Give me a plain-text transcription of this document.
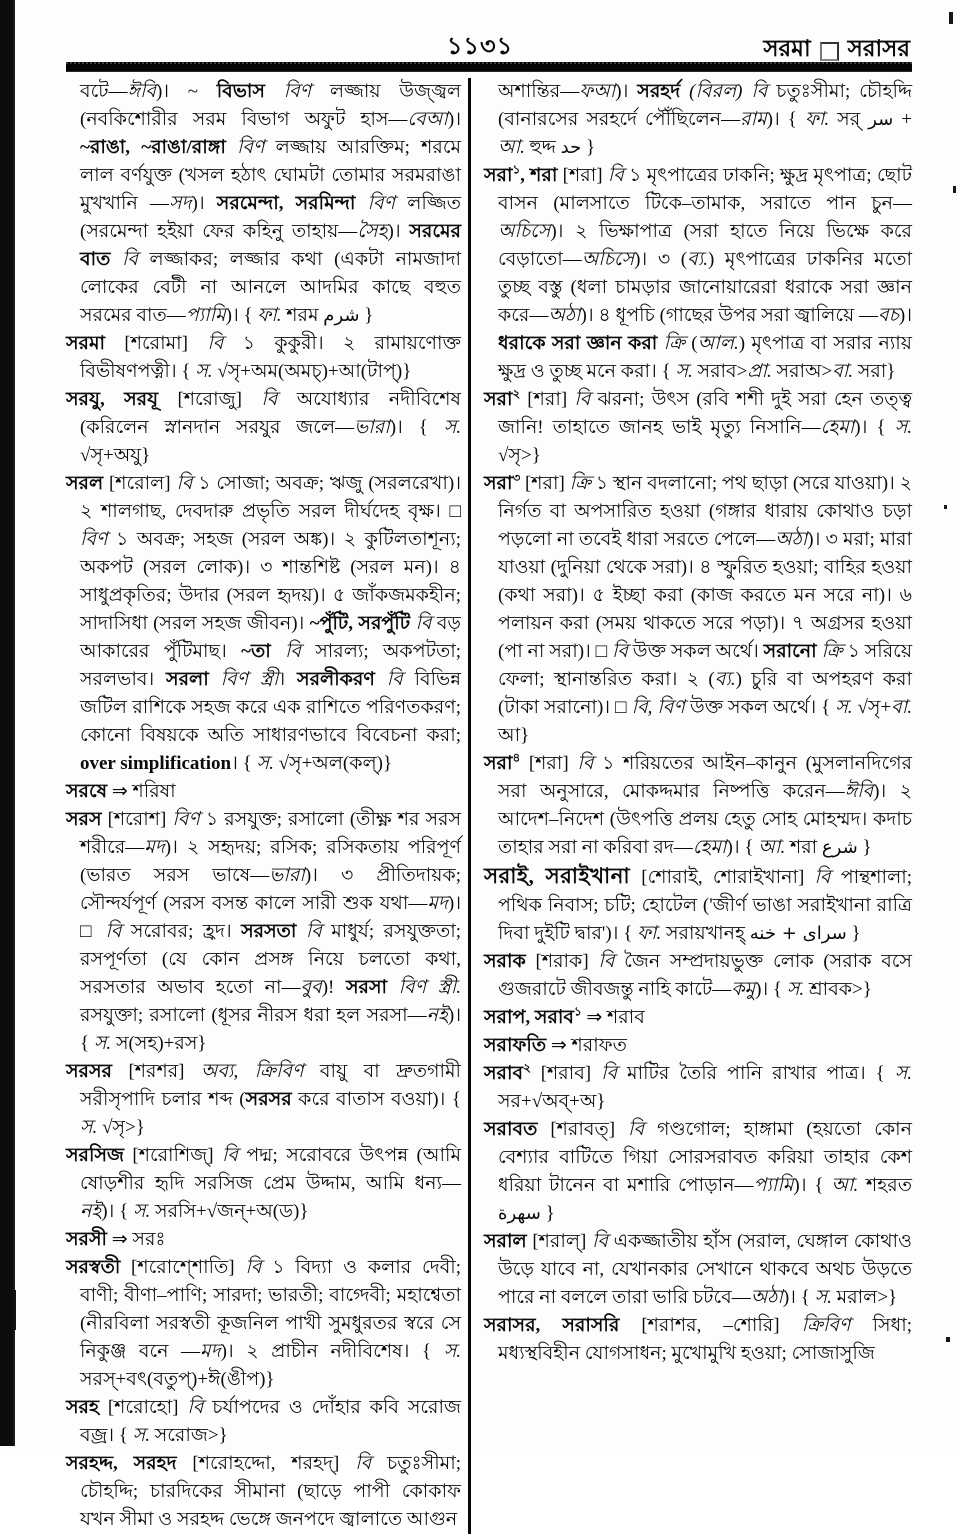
১১৩১	সরমা সরাসর

বটে—ঈবি)। ~ বিভাস বিণ লজ্জায় উজ্জ্বল (নবকিশোরীর সরম বিভাগ অফুট হাস—বেআ)। ~রাঙা, ~রাঙা/রাঙ্গা বিণ লজ্জায় আরক্তিম; শরমে লাল বর্ণযুক্ত (খসল হঠাৎ ঘোমটা তোমার সরমরাঙা মুখখানি —সদ)। সরমেন্দা, সরমিন্দা বিণ লজ্জিত (সরমেন্দা হইয়া ফের কহিনু তাহায়—সৈহ)। সরমের বাত বি লজ্জাকর; লজ্জার কথা (একটা নামজাদা লোকের বেটী না আনলে আদমির কাছে বহুত সরমের বাত—প্যামি)। { ফা. শরম شرم }

সরমা [শরোমা] বি ১ কুকুরী। ২ রামায়ণোক্ত বিভীষণপত্নী। { স. √সৃ+অম(অমচ্)+আ(টাপ্)}

সরযু, সরযূ [শরোজু] বি অযোধ্যার নদীবিশেষ (করিলেন স্নানদান সরযুর জলে—ভারা)। { স. √সৃ+অযু}

সরল [শরোল] বি ১ সোজা; অবক্র; ঋজু (সরলরেখা)। ২ শালগাছ, দেবদারু প্রভৃতি সরল দীর্ঘদেহ বৃক্ষ। □ বিণ ১ অবক্র; সহজ (সরল অঙ্ক)। ২ কুটিলতাশূন্য; অকপট (সরল লোক)। ৩ শান্তশিষ্ট (সরল মন)। ৪ সাধুপ্রকৃতির; উদার (সরল হৃদয়)। ৫ জাঁকজমকহীন; সাদাসিধা (সরল সহজ জীবন)। ~পুঁটি, সরপুঁটি বি বড় আকারের পুঁটিমাছ। ~তা বি সারল্য; অকপটতা; সরলভাব। সরলা বিণ স্ত্রী। সরলীকরণ বি বিভিন্ন জটিল রাশিকে সহজ করে এক রাশিতে পরিণতকরণ; কোনো বিষয়কে অতি সাধারণভাবে বিবেচনা করা; over simplification। { স. √সৃ+অল(কল্)}

সরষে ⇒ শরিষা

সরস [শরোশ] বিণ ১ রসযুক্ত; রসালো (তীক্ষ্ণ শর সরস শরীরে—মদ)। ২ সহৃদয়; রসিক; রসিকতায় পরিপূর্ণ (ভারত সরস ভাষে—ভারা)। ৩ প্রীতিদায়ক; সৌন্দর্যপূর্ণ (সরস বসন্ত কালে সারী শুক যথা—মদ)। □ বি সরোবর; হ্রদ। সরসতা বি মাধুর্য; রসযুক্ততা; রসপূর্ণতা (যে কোন প্রসঙ্গ নিয়ে চলতো কথা, সরসতার অভাব হতো না—বুব)! সরসা বিণ স্ত্রী. রসযুক্তা; রসালো (ধূসর নীরস ধরা হল সরসা—নই)। { স. স(সহ)+রস}

সরসর [শরশর] অব্য, ক্রিবিণ বায়ু বা দ্রুতগামী সরীসৃপাদি চলার শব্দ (সরসর করে বাতাস বওয়া)। { স. √সৃ>}

সরসিজ [শরোশিজ্] বি পদ্ম; সরোবরে উৎপন্ন (আমি ষোড়শীর হৃদি সরসিজ প্রেম উদ্দাম, আমি ধন্য—নই)। { স. সরসি+√জন্+অ(ড)}

সরসী ⇒ সরঃ

সরস্বতী [শরোশ্শোতি] বি ১ বিদ্যা ও কলার দেবী; বাণী; বীণা–পাণি; সারদা; ভারতী; বাগ্দেবী; মহাশ্বেতা (নীরবিলা সরস্বতী কূজনিল পাখী সুমধুরতর স্বরে সে নিকুঞ্জ বনে —মদ)। ২ প্রাচীন নদীবিশেষ। { স. সরস্+বৎ(বতুপ্)+ঈ(ঙীপ)}

সরহ [শরোহো] বি চর্যাপদের ও দোঁহার কবি সরোজ বজ্র। { স. সরোজ>}

সরহদ্দ, সরহদ [শরোহদ্দো, শরহদ্] বি চতুঃসীমা; চৌহদ্দি; চারদিকের সীমানা (ছাড়ে পাপী কোকাফ যখন সীমা ও সরহদ্দ ভেঙ্গে জনপদে জ্বালাতে আগুন

অশান্তির—ফআ)। সরহর্দ (বিরল) বি চতুঃসীমা; চৌহদ্দি (বানারসের সরহর্দে পৌঁছিলেন—রাম)। { ফা. সর্ سر + আ. হুদ্দ حد }

সরা$^১$, শরা [শরা] বি ১ মৃৎপাত্রের ঢাকনি; ক্ষুদ্র মৃৎপাত্র; ছোট বাসন (মালসাতে টিকে–তামাক, সরাতে পান চুন—অচিসে)। ২ ভিক্ষাপাত্র (সরা হাতে নিয়ে ভিক্ষে করে বেড়াতো—অচিসে)। ৩ (ব্য.) মৃৎপাত্রের ঢাকনির মতো তুচ্ছ বস্তু (ধলা চামড়ার জানোয়ারেরা ধরাকে সরা জ্ঞান করে—অঠা)। ৪ ধূপচি (গাছের উপর সরা জ্বালিয়ে —বচ)। ধরাকে সরা জ্ঞান করা ক্রি (আল.) মৃৎপাত্র বা সরার ন্যায় ক্ষুদ্র ও তুচ্ছ মনে করা। { স. সরাব>প্রা. সরাঅ>বা. সরা}

সরা$^২$ [শরা] বি ঝরনা; উৎস (রবি শশী দুই সরা হেন তত্ত্ব জানি! তাহাতে জানহ ভাই মৃত্যু নিসানি—হেমা)। { স. √সৃ>}

সরা$^৩$ [শরা] ক্রি ১ স্থান বদলানো; পথ ছাড়া (সরে যাওয়া)। ২ নির্গত বা অপসারিত হওয়া (গঙ্গার ধারায় কোথাও চড়া পড়লো না তবেই ধারা সরতে পেলে—অঠা)। ৩ মরা; মারা যাওয়া (দুনিয়া থেকে সরা)। ৪ স্ফুরিত হওয়া; বাহির হওয়া (কথা সরা)। ৫ ইচ্ছা করা (কাজ করতে মন সরে না)। ৬ পলায়ন করা (সময় থাকতে সরে পড়া)। ৭ অগ্রসর হওয়া (পা না সরা)। □ বি উক্ত সকল অর্থে। সরানো ক্রি ১ সরিয়ে ফেলা; স্থানান্তরিত করা। ২ (ব্য.) চুরি বা অপহরণ করা (টাকা সরানো)। □ বি, বিণ উক্ত সকল অর্থে। { স. √সৃ+বা. আ}

সরা$^৪$ [শরা] বি ১ শরিয়তের আইন–কানুন (মুসলানদিগের সরা অনুসারে, মোকদ্দমার নিষ্পত্তি করেন—ঈবি)। ২ আদেশ–নিদেশ (উৎপত্তি প্রলয় হেতু সোহ মোহম্মদ। কদাচ তাহার সরা না করিবা রদ—হেমা)। { আ. শরা شرع }

সরাই, সরাইখানা [শোরাই, শোরাইখানা] বি পান্থশালা; পথিক নিবাস; চটি; হোটেল ('জীর্ণ ভাঙা সরাইখানা রাত্রি দিবা দুইটি দ্বার')। { ফা. সরায়খানহ্ سراى + خنه }

সরাক [শরাক] বি জৈন সম্প্রদায়ভুক্ত লোক (সরাক বসে গুজরাটে জীবজন্তু নাহি কাটে—কমু)। { স. শ্রাবক>}

সরাপ, সরাব$^১$ ⇒ শরাব

সরাফতি ⇒ শরাফত

সরাব$^২$ [শরাব] বি মাটির তৈরি পানি রাখার পাত্র। { স. সর+√অব্+অ}

সরাবত [শরাবত্] বি গণ্ডগোল; হাঙ্গামা (হয়তো কোন বেশ্যার বাটিতে গিয়া সোরসরাবত করিয়া তাহার কেশ ধরিয়া টানেন বা মশারি পোড়ান—প্যামি)। { আ. শহরত سهرة }

সরাল [শরাল্] বি একজ্জাতীয় হাঁস (সরাল, ঘেঙ্গাল কোথাও উড়ে যাবে না, যেখানকার সেখানে থাকবে অথচ উড়তে পারে না বললে তারা ভারি চটবে—অঠা)। { স. মরাল>}

সরাসর, সরাসরি [শরাশর, –শোরি] ক্রিবিণ সিধা; মধ্যস্থবিহীন যোগসাধন; মুখোমুখি হওয়া; সোজাসুজি
